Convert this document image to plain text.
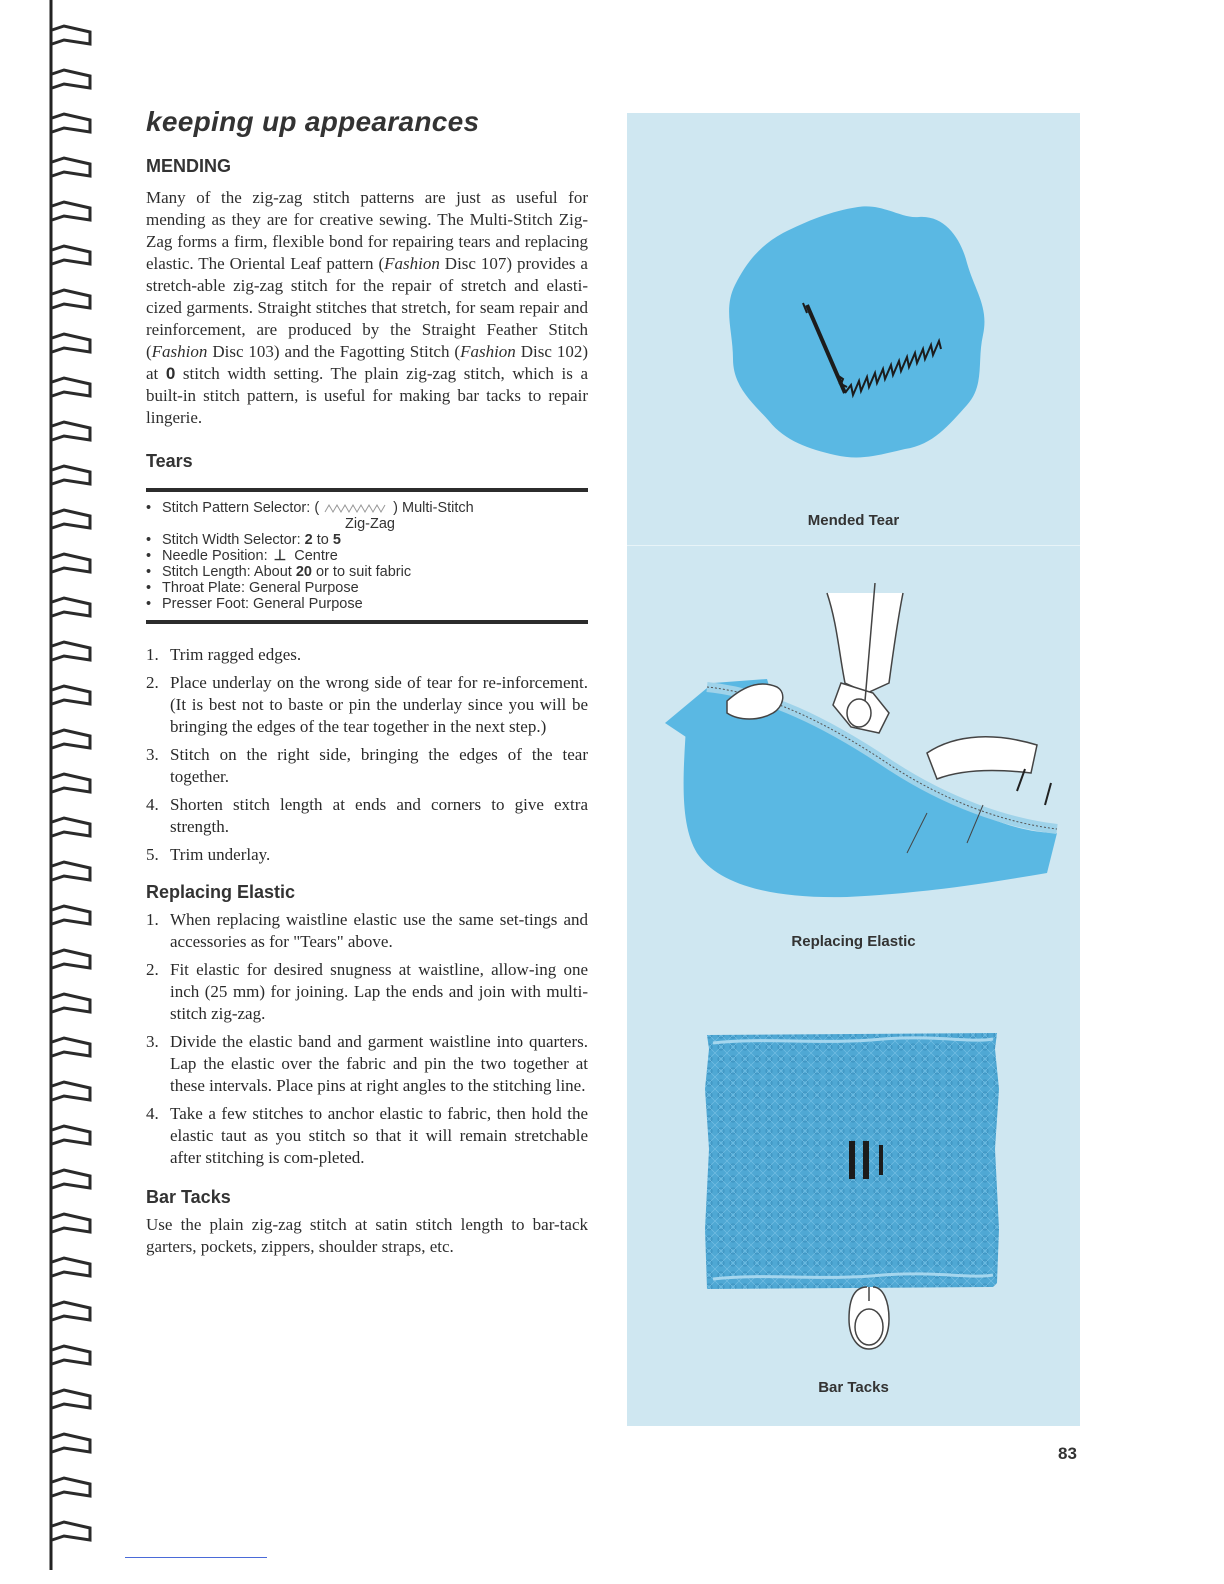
keeping up appearances
MENDING

Many of the zig-zag stitch patterns are just as useful for mending as they are for creative sewing. The Multi-Stitch Zig-Zag forms a firm, flexible bond for repairing tears and replacing elastic. The Oriental Leaf pattern (Fashion Disc 107) provides a stretch-able zig-zag stitch for the repair of stretch and elasti-cized garments. Straight stitches that stretch, for seam repair and reinforcement, are produced by the Straight Feather Stitch (Fashion Disc 103) and the Fagotting Stitch (Fashion Disc 102) at 0 stitch width setting. The plain zig-zag stitch, which is a built-in stitch pattern, is useful for making bar tacks to repair lingerie.

Tears
• Stitch Pattern Selector: (	) Multi-Stitch
Zig-Zag
• Stitch Width Selector: 2 to 5
• Needle Position: ⊥ Centre
• Stitch Length: About 20 or to suit fabric
• Throat Plate: General Purpose
• Presser Foot: General Purpose
1. Trim ragged edges.
2. Place underlay on the wrong side of tear for re-inforcement. (It is best not to baste or pin the underlay since you will be bringing the edges of the tear together in the next step.)
3. Stitch on the right side, bringing the edges of the tear together.
4. Shorten stitch length at ends and corners to give extra strength.
5. Trim underlay.
Replacing Elastic
1. When replacing waistline elastic use the same set-tings and accessories as for "Tears" above.
2. Fit elastic for desired snugness at waistline, allow-ing one inch (25 mm) for joining. Lap the ends and join with multi-stitch zig-zag.
3. Divide the elastic band and garment waistline into quarters. Lap the elastic over the fabric and pin the two together at these intervals. Place pins at right angles to the stitching line.
4. Take a few stitches to anchor elastic to fabric, then hold the elastic taut as you stitch so that it will remain stretchable after stitching is com-pleted.
Bar Tacks

Use the plain zig-zag stitch at satin stitch length to bar-tack garters, pockets, zippers, shoulder straps, etc.

Mended Tear
Replacing Elastic
Bar Tacks
83
